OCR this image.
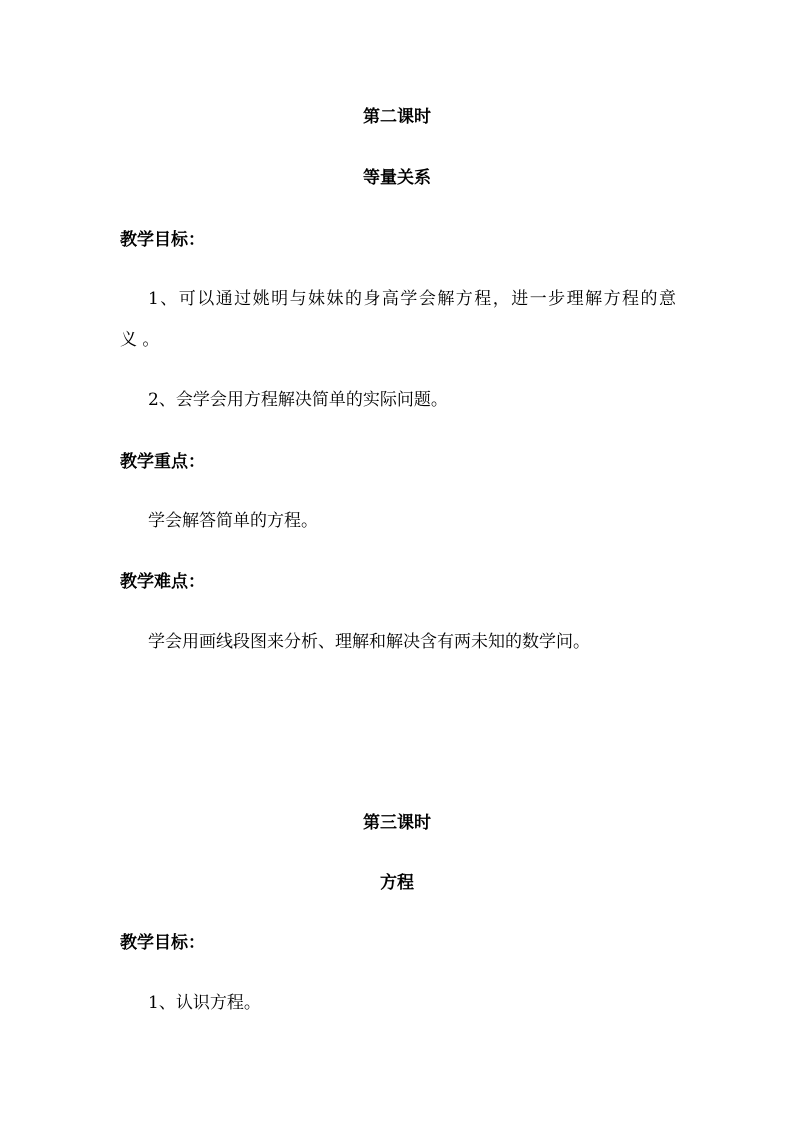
第二课时
等量关系
教学目标：
1、可以通过姚明与妹妹的身高学会解方程，进一步理解方程的意
义 。
2、会学会用方程解决简单的实际问题。
教学重点：
学会解答简单的方程。
教学难点：
学会用画线段图来分析、理解和解决含有两未知的数学问。
第三课时
方程
教学目标：
1、认识方程。
